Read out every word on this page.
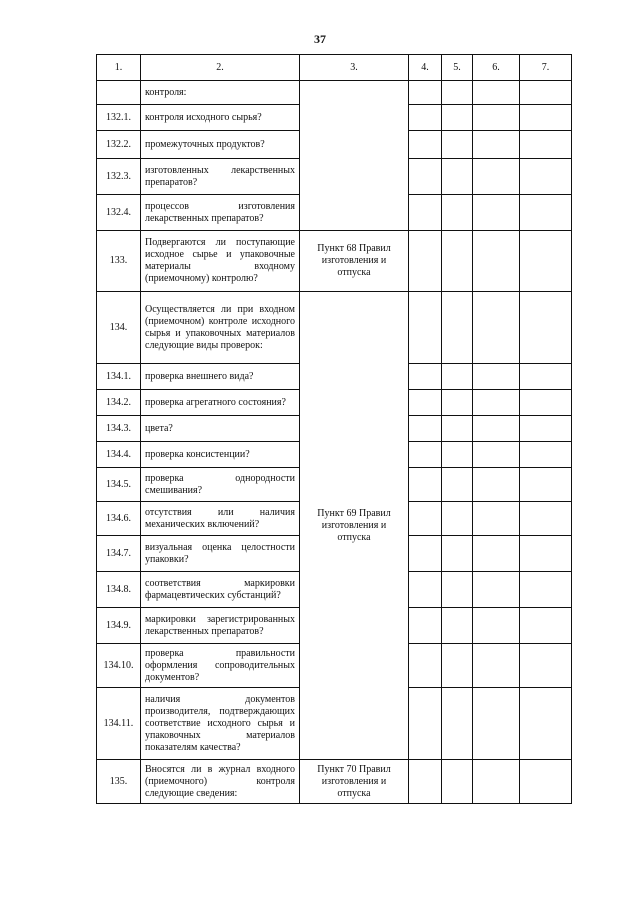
37
1.	2.	3.	4.	5.	6.	7.
	контроля:					
132.1.	контроля исходного сырья?					
132.2.	промежуточных продуктов?					
132.3.	изготовленных лекарственных препаратов?					
132.4.	процессов изготовления лекарственных препаратов?					
133.	Подвергаются ли поступающие исходное сырье и упаковочные материалы входному (приемочному) контролю?	Пункт 68 Правил изготовления и отпуска				
134.	Осуществляется ли при входном (приемочном) контроле исходного сырья и упаковочных материалов следующие виды проверок:	Пункт 69 Правил изготовления и отпуска				
134.1.	проверка внешнего вида?					
134.2.	проверка агрегатного состояния?					
134.3.	цвета?					
134.4.	проверка консистенции?					
134.5.	проверка однородности смешивания?					
134.6.	отсутствия или наличия механических включений?					
134.7.	визуальная оценка целостности упаковки?					
134.8.	соответствия маркировки фармацевтических субстанций?					
134.9.	маркировки зарегистрированных лекарственных препаратов?					
134.10.	проверка правильности оформления сопроводительных документов?					
134.11.	наличия документов производителя, подтверждающих соответствие исходного сырья и упаковочных материалов показателям качества?					
135.	Вносятся ли в журнал входного (приемочного) контроля следующие сведения:	Пункт 70 Правил изготовления и отпуска				
